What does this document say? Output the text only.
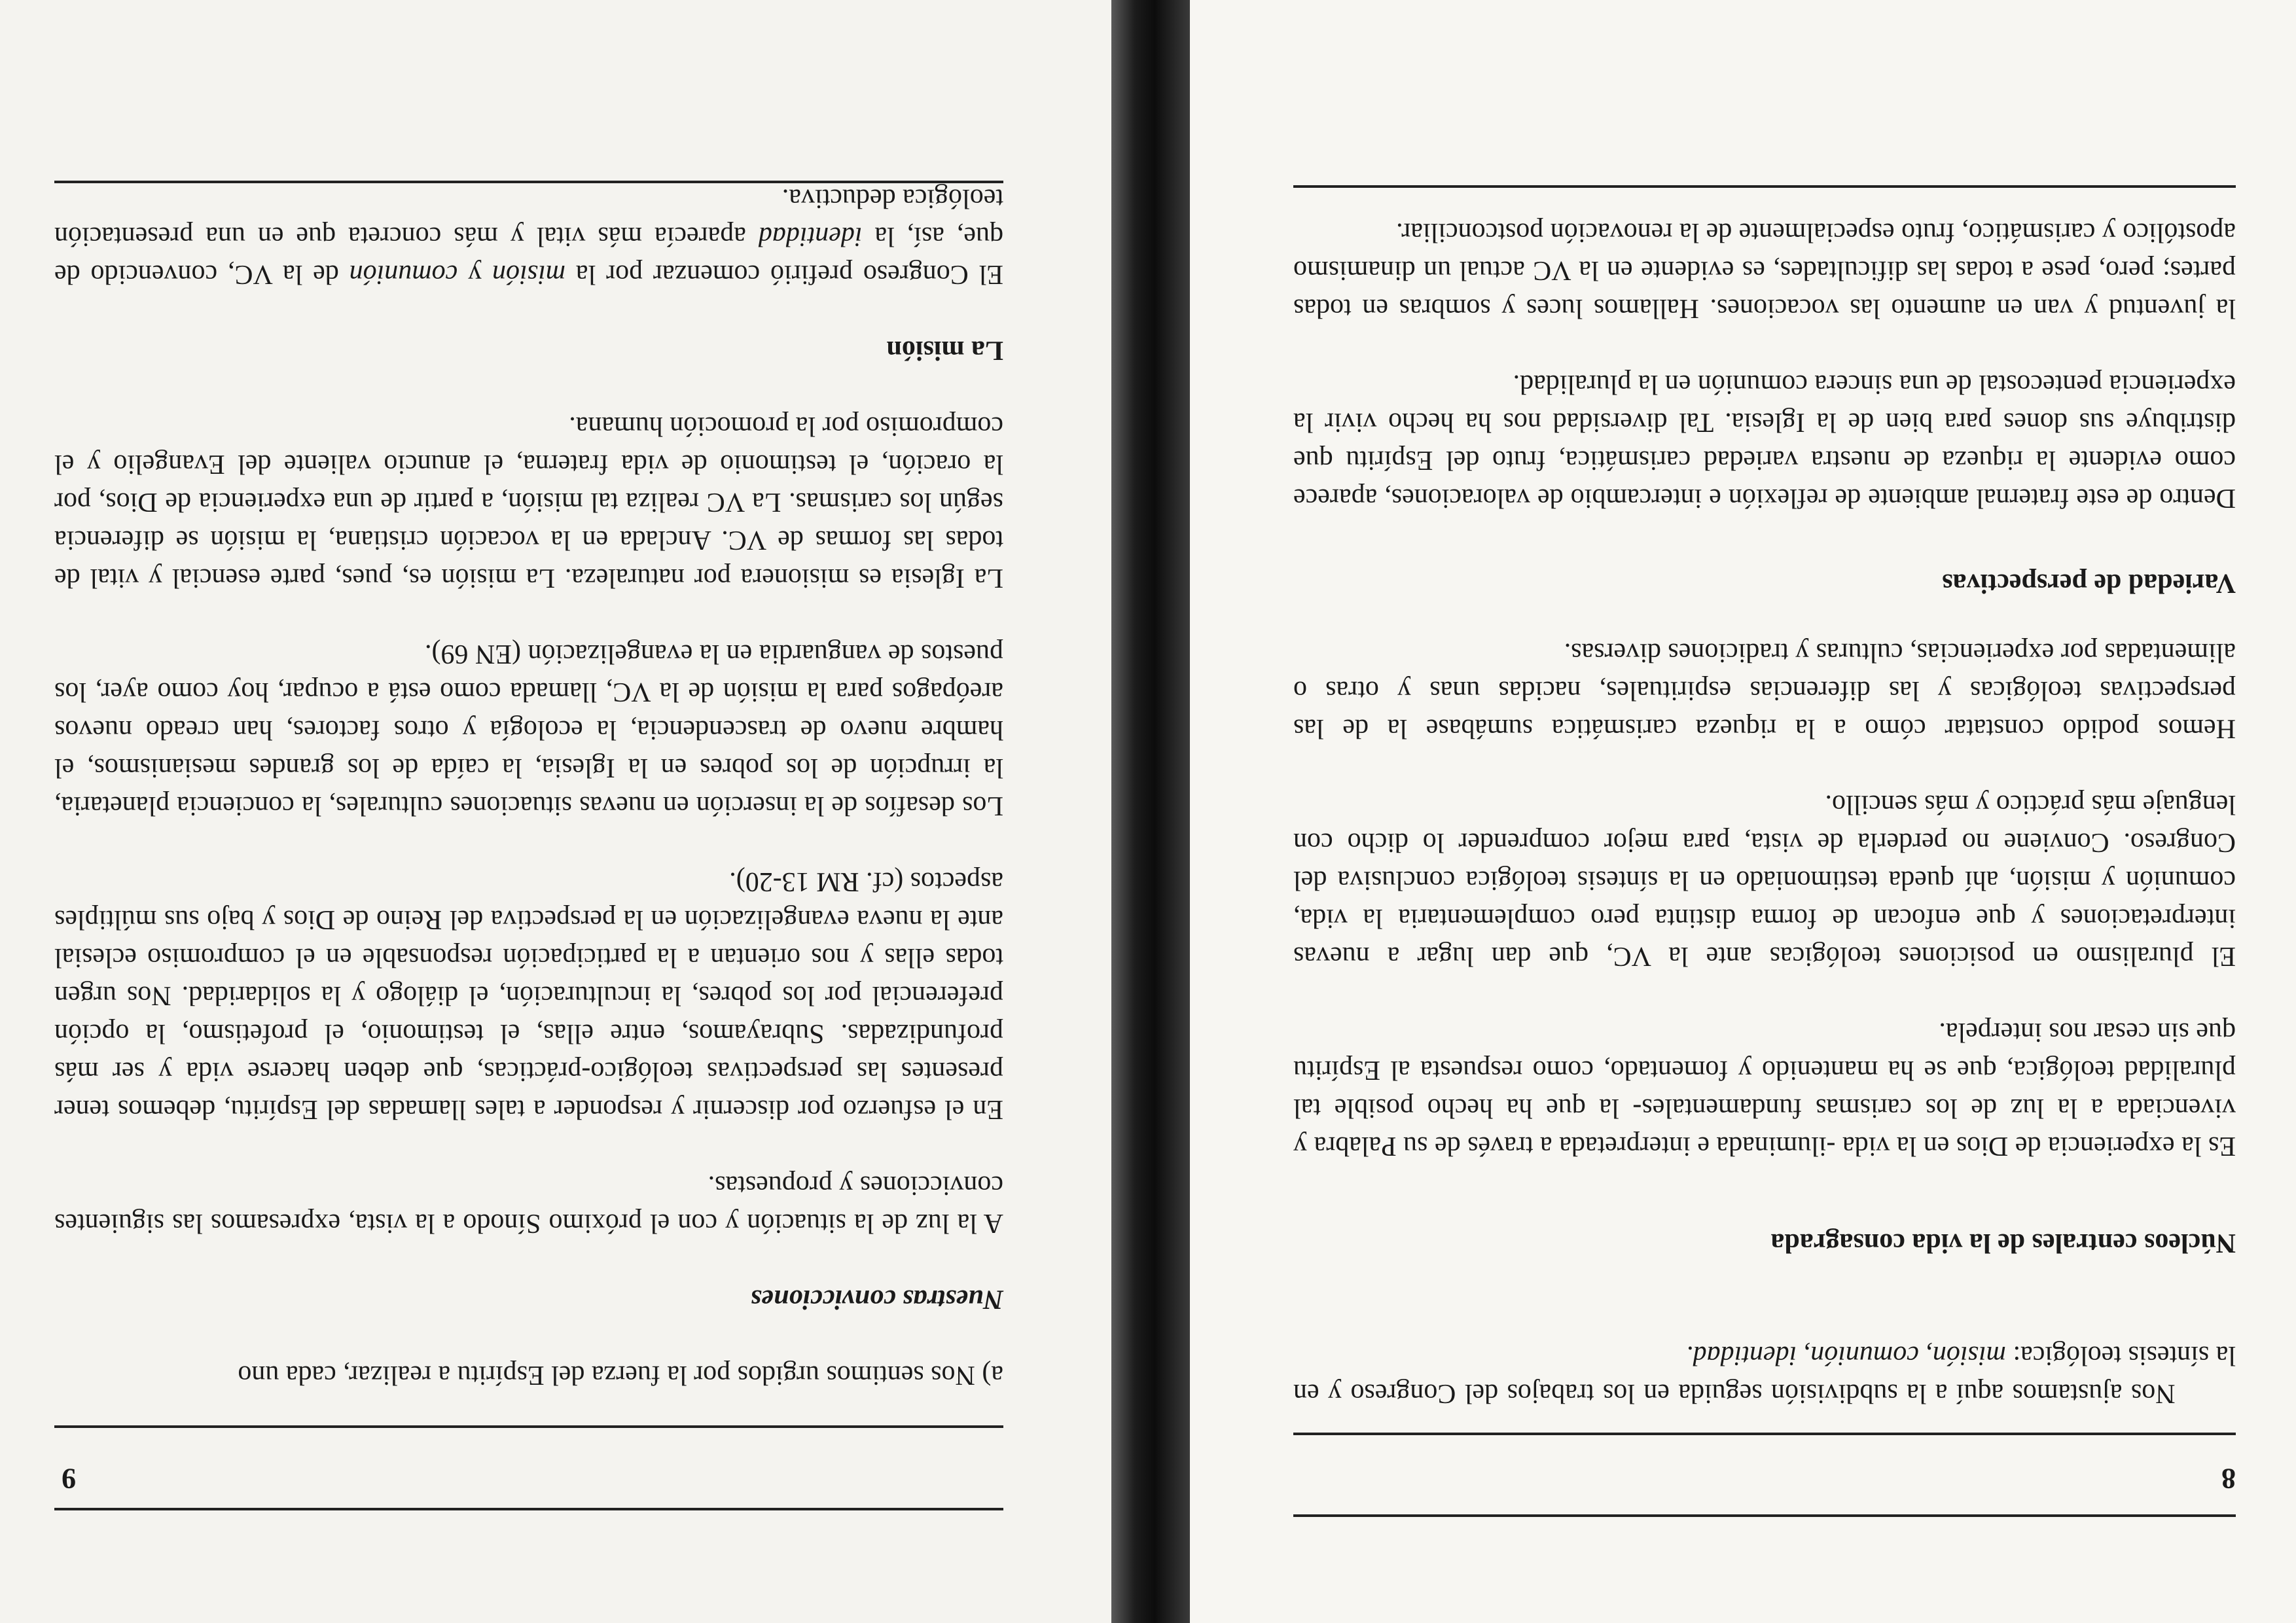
8

Nos ajustamos aquí a la subdivisión seguida en los trabajos del Congreso y en la síntesis teológica: misión, comunión, identidad.

Núcleos centrales de la vida consagrada

Es la experiencia de Dios en la vida -iluminada e interpretada a través de su Palabra y vivenciada a la luz de los carismas fundamentales- la que ha hecho posible tal pluralidad teológica, que se ha mantenido y fomentado, como respuesta al Espíritu que sin cesar nos interpela.

El pluralismo en posiciones teológicas ante la VC, que dan lugar a nuevas interpretaciones y que enfocan de forma distinta pero complementaria la vida, comunión y misión, ahí queda testimoniado en la síntesis teológica conclusiva del Congreso. Conviene no perderla de vista, para mejor comprender lo dicho con lenguaje más práctico y más sencillo.

Hemos podido constatar cómo a la riqueza carismática sumábase la de las perspectivas teológicas y las diferencias espirituales, nacidas unas y otras o alimentadas por experiencias, culturas y tradiciones diversas.

Variedad de perspectivas

Dentro de este fraternal ambiente de reflexión e intercambio de valoraciones, aparece como evidente la riqueza de nuestra variedad carismática, fruto del Espíritu que distribuye sus dones para bien de la Iglesia. Tal diversidad nos ha hecho vivir la experiencia pentecostal de una sincera comunión en la pluralidad.

la juventud y van en aumento las vocaciones. Hallamos luces y sombras en todas partes; pero, pese a todas las dificultades, es evidente en la VC actual un dinamismo apostólico y carismático, fruto especialmente de la renovación postconciliar.

9

a) Nos sentimos urgidos por la fuerza del Espíritu a realizar, cada uno

Nuestras convicciones

A la luz de la situación y con el próximo Sínodo a la vista, expresamos las siguientes convicciones y propuestas.

En el esfuerzo por discernir y responder a tales llamadas del Espíritu, debemos tener presentes las perspectivas teológico-prácticas, que deben hacerse vida y ser más profundizadas. Subrayamos, entre ellas, el testimonio, el profetismo, la opción preferencial por los pobres, la inculturación, el diálogo y la solidaridad. Nos urgen todas ellas y nos orientan a la participación responsable en el compromiso eclesial ante la nueva evangelización en la perspectiva del Reino de Dios y bajo sus múltiples aspectos (cf. RM 13-20).

Los desafíos de la inserción en nuevas situaciones culturales, la conciencia planetaria, la irrupción de los pobres en la Iglesia, la caída de los grandes mesianismos, el hambre nuevo de trascendencia, la ecología y otros factores, han creado nuevos areópagos para la misión de la VC, llamada como está a ocupar, hoy como ayer, los puestos de vanguardia en la evangelización (EN 69).

La Iglesia es misionera por naturaleza. La misión es, pues, parte esencial y vital de todas las formas de VC. Anclada en la vocación cristiana, la misión se diferencia según los carismas. La VC realiza tal misión, a partir de una experiencia de Dios, por la oración, el testimonio de vida fraterna, el anuncio valiente del Evangelio y el compromiso por la promoción humana.

La misión

El Congreso prefirió comenzar por la misión y comunión de la VC, convencido de que, así, la identidad aparecía más vital y más concreta que en una presentación teológica deductiva.
